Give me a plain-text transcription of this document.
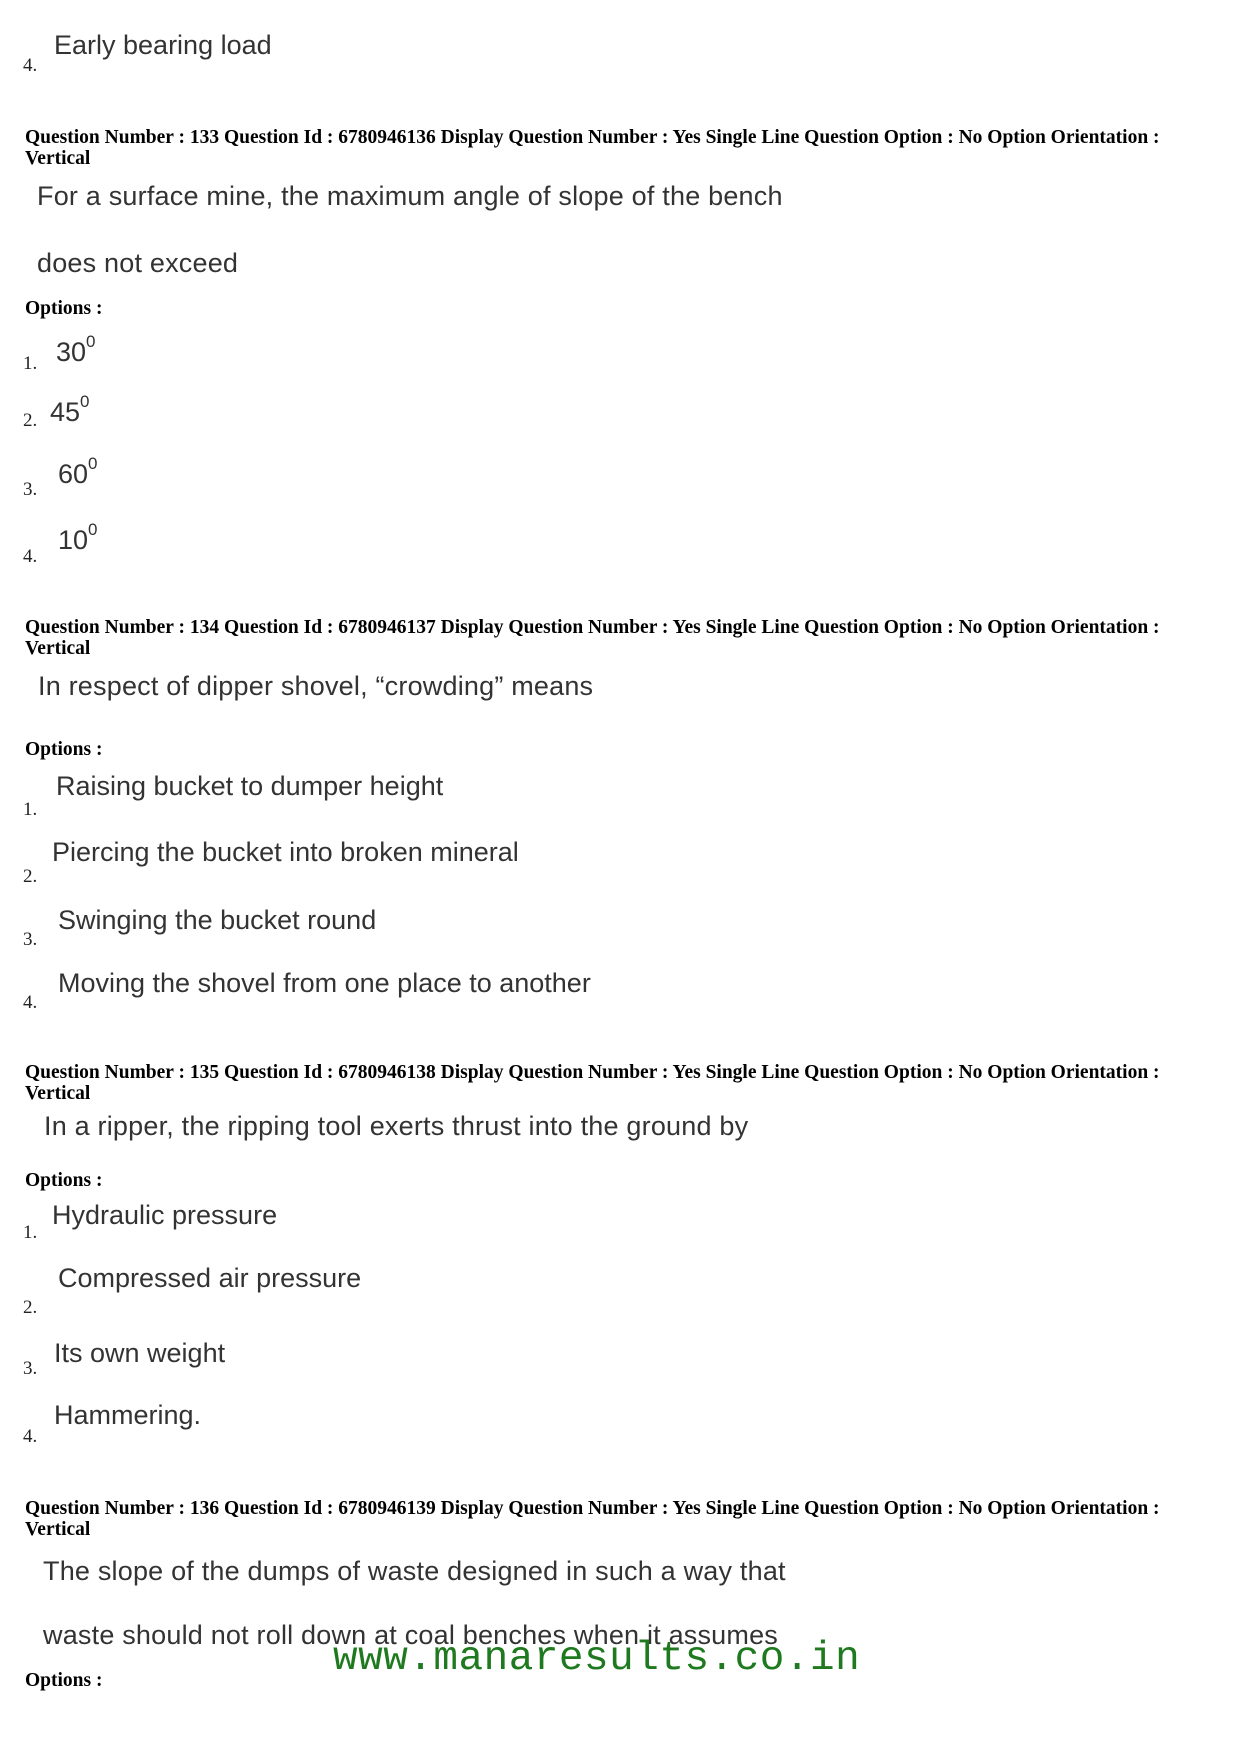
4.
Early bearing load
Question Number : 133 Question Id : 6780946136 Display Question Number : Yes Single Line Question Option : No Option Orientation : Vertical
For a surface mine, the maximum angle of slope of the bench
does not exceed
Options :
1. $30^0$
2. $45^0$
3.
$60^0$
4.
$10^0$
Question Number : 134 Question Id : 6780946137 Display Question Number : Yes Single Line Question Option : No Option Orientation : Vertical
In respect of dipper shovel, “crowding” means
Options :
1.
Raising bucket to dumper height
2.
Piercing the bucket into broken mineral
3.
Swinging the bucket round
4.
Moving the shovel from one place to another
Question Number : 135 Question Id : 6780946138 Display Question Number : Yes Single Line Question Option : No Option Orientation : Vertical
In a ripper, the ripping tool exerts thrust into the ground by
Options :
1.
Hydraulic pressure
2.
Compressed air pressure
3.
Its own weight
4.
Hammering.
Question Number : 136 Question Id : 6780946139 Display Question Number : Yes Single Line Question Option : No Option Orientation : Vertical
The slope of the dumps of waste designed in such a way that
waste should not roll down at coal benches when it assumes
Options :	www.manaresults.co.in
